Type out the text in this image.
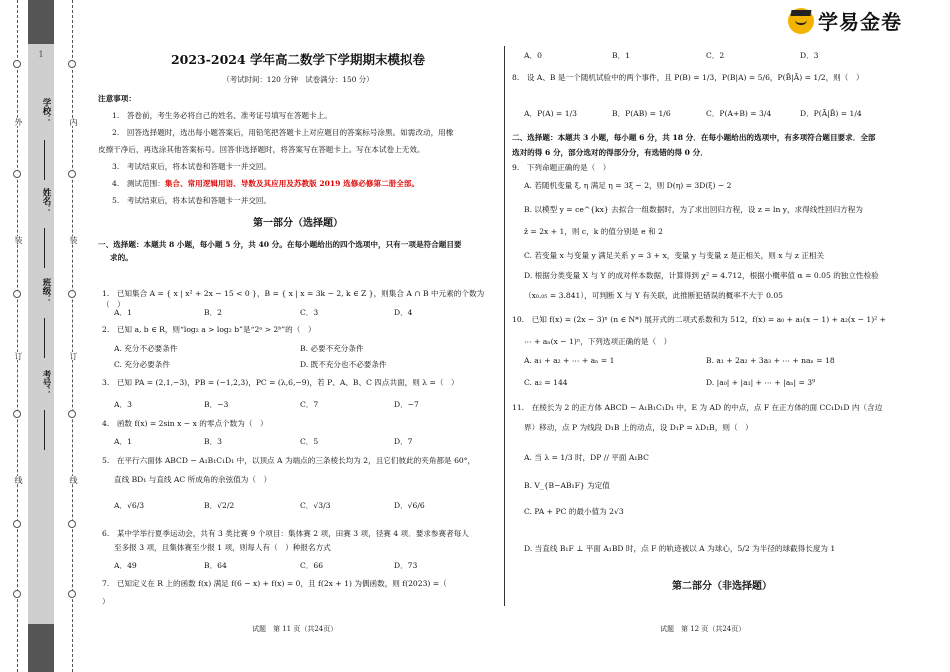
1
外
装
订
线
内
装
订
线
学校：
姓名：
班级：
考号：
学易金卷

2023-2024 学年高二数学下学期期末模拟卷

（考试时间：120 分钟　试卷满分：150 分）

注意事项：

1.　答卷前，考生务必将自己的姓名、准考证号填写在答题卡上。

2.　回答选择题时，选出每小题答案后，用铅笔把答题卡上对应题目的答案标号涂黑。如需改动，用橡

皮擦干净后，再选涂其他答案标号。回答非选择题时，将答案写在答题卡上。写在本试卷上无效。

3.　考试结束后，将本试卷和答题卡一并交回。

4.　测试范围：集合、常用逻辑用语、导数及其应用及苏教版 2019 选修必修第二册全部。

5.　考试结束后，将本试卷和答题卡一并交回。

第一部分（选择题）

一、选择题：本题共 8 小题，每小题 5 分，共 40 分。在每小题给出的四个选项中，只有一项是符合题目要

求的。

1.　已知集合 A = { x | x² + 2x − 15 < 0 }，B = { x | x = 3k − 2, k ∈ Z }，则集合 A ∩ B 中元素的个数为（　）

A．1	B．2	C．3	D．4

2.　已知 a, b ∈ R，则“log₂ a > log₂ b”是“2ᵃ > 2ᵇ”的（　）

A. 充分不必要条件	B. 必要不充分条件
C. 充分必要条件	D. 既不充分也不必要条件

3.　已知 PA = (2,1,−3)，PB = (−1,2,3)，PC = (λ,6,−9)，若 P、A、B、C 四点共面，则 λ =（　）

A．3	B．−3	C．7	D．−7

4.　函数 f(x) = 2sin x − x 的零点个数为（　）

A．1	B．3	C．5	D．7

5.　在平行六面体 ABCD − A₁B₁C₁D₁ 中，以顶点 A 为端点的三条棱长均为 2，且它们彼此的夹角都是 60°，

直线 BD₁ 与直线 AC 所成角的余弦值为（　）

A．√6/3	B．√2/2	C．√3/3	D．√6/6

6.　某中学举行夏季运动会，共有 3 类比赛 9 个项目：集体赛 2 项，田赛 3 项，径赛 4 项．要求参赛者每人

至多报 3 项，且集体赛至少报 1 项，则每人有（　）种报名方式

A．49	B．64	C．66	D．73

7.　已知定义在 R 上的函数 f(x) 满足 f(6 − x) + f(x) = 0，且 f(2x + 1) 为偶函数，则 f(2023) =（

）

试题　第 11 页（共24页）
A．0	B．1	C．2	D．3

8.　设 A、B 是一个随机试验中的两个事件，且 P(B) = 1/3，P(B|A) = 5/6，P(B̄|Ā) = 1/2，则（　）

A．P(A) = 1/3	B．P(AB) = 1/6	C．P(A+B) = 3/4	D．P(Ā|B̄) = 1/4

二、选择题：本题共 3 小题，每小题 6 分，共 18 分．在每小题给出的选项中，有多项符合题目要求．全部

选对的得 6 分，部分选对的得部分分，有选错的得 0 分．

9.　下列命题正确的是（　）

A. 若随机变量 ξ, η 满足 η = 3ξ − 2，则 D(η) = 3D(ξ) − 2

B. 以模型 y = ce^{kx} 去拟合一组数据时，为了求出回归方程，设 z = ln y，求得线性回归方程为

ẑ = 2x + 1，则 c，k 的值分别是 e 和 2

C. 若变量 x 与变量 y 满足关系 y = 3 + x，变量 y 与变量 z 是正相关，则 x 与 z 正相关

D. 根据分类变量 X 与 Y 的成对样本数据，计算得到 χ² = 4.712，根据小概率值 α = 0.05 的独立性检验

（x₀.₀₅ = 3.841），可判断 X 与 Y 有关联，此推断犯错误的概率不大于 0.05

10.　已知 f(x) = (2x − 3)ⁿ (n ∈ N*) 展开式的二项式系数和为 512，f(x) = a₀ + a₁(x − 1) + a₂(x − 1)² +

⋯ + aₙ(x − 1)ⁿ，下列选项正确的是（　）

A. a₁ + a₂ + ⋯ + aₙ = 1	B. a₁ + 2a₂ + 3a₃ + ⋯ + naₙ = 18
C. a₂ = 144	D. |a₀| + |a₁| + ⋯ + |aₙ| = 3⁹

11.　在棱长为 2 的正方体 ABCD − A₁B₁C₁D₁ 中，E 为 AD 的中点，点 F 在正方体的面 CC₁D₁D 内（含边

界）移动，点 P 为线段 D₁B 上的动点，设 D₁P = λD₁B，则（　）

A. 当 λ = 1/3 时，DP // 平面 A₁BC

B. V_{B−AB₁F} 为定值

C. PA + PC 的最小值为 2√3

D. 当直线 B₁F ⊥ 平面 A₁BD 时，点 F 的轨迹被以 A 为球心，5/2 为半径的球截得长度为 1

第二部分（非选择题）
试题　第 12 页（共24页）
